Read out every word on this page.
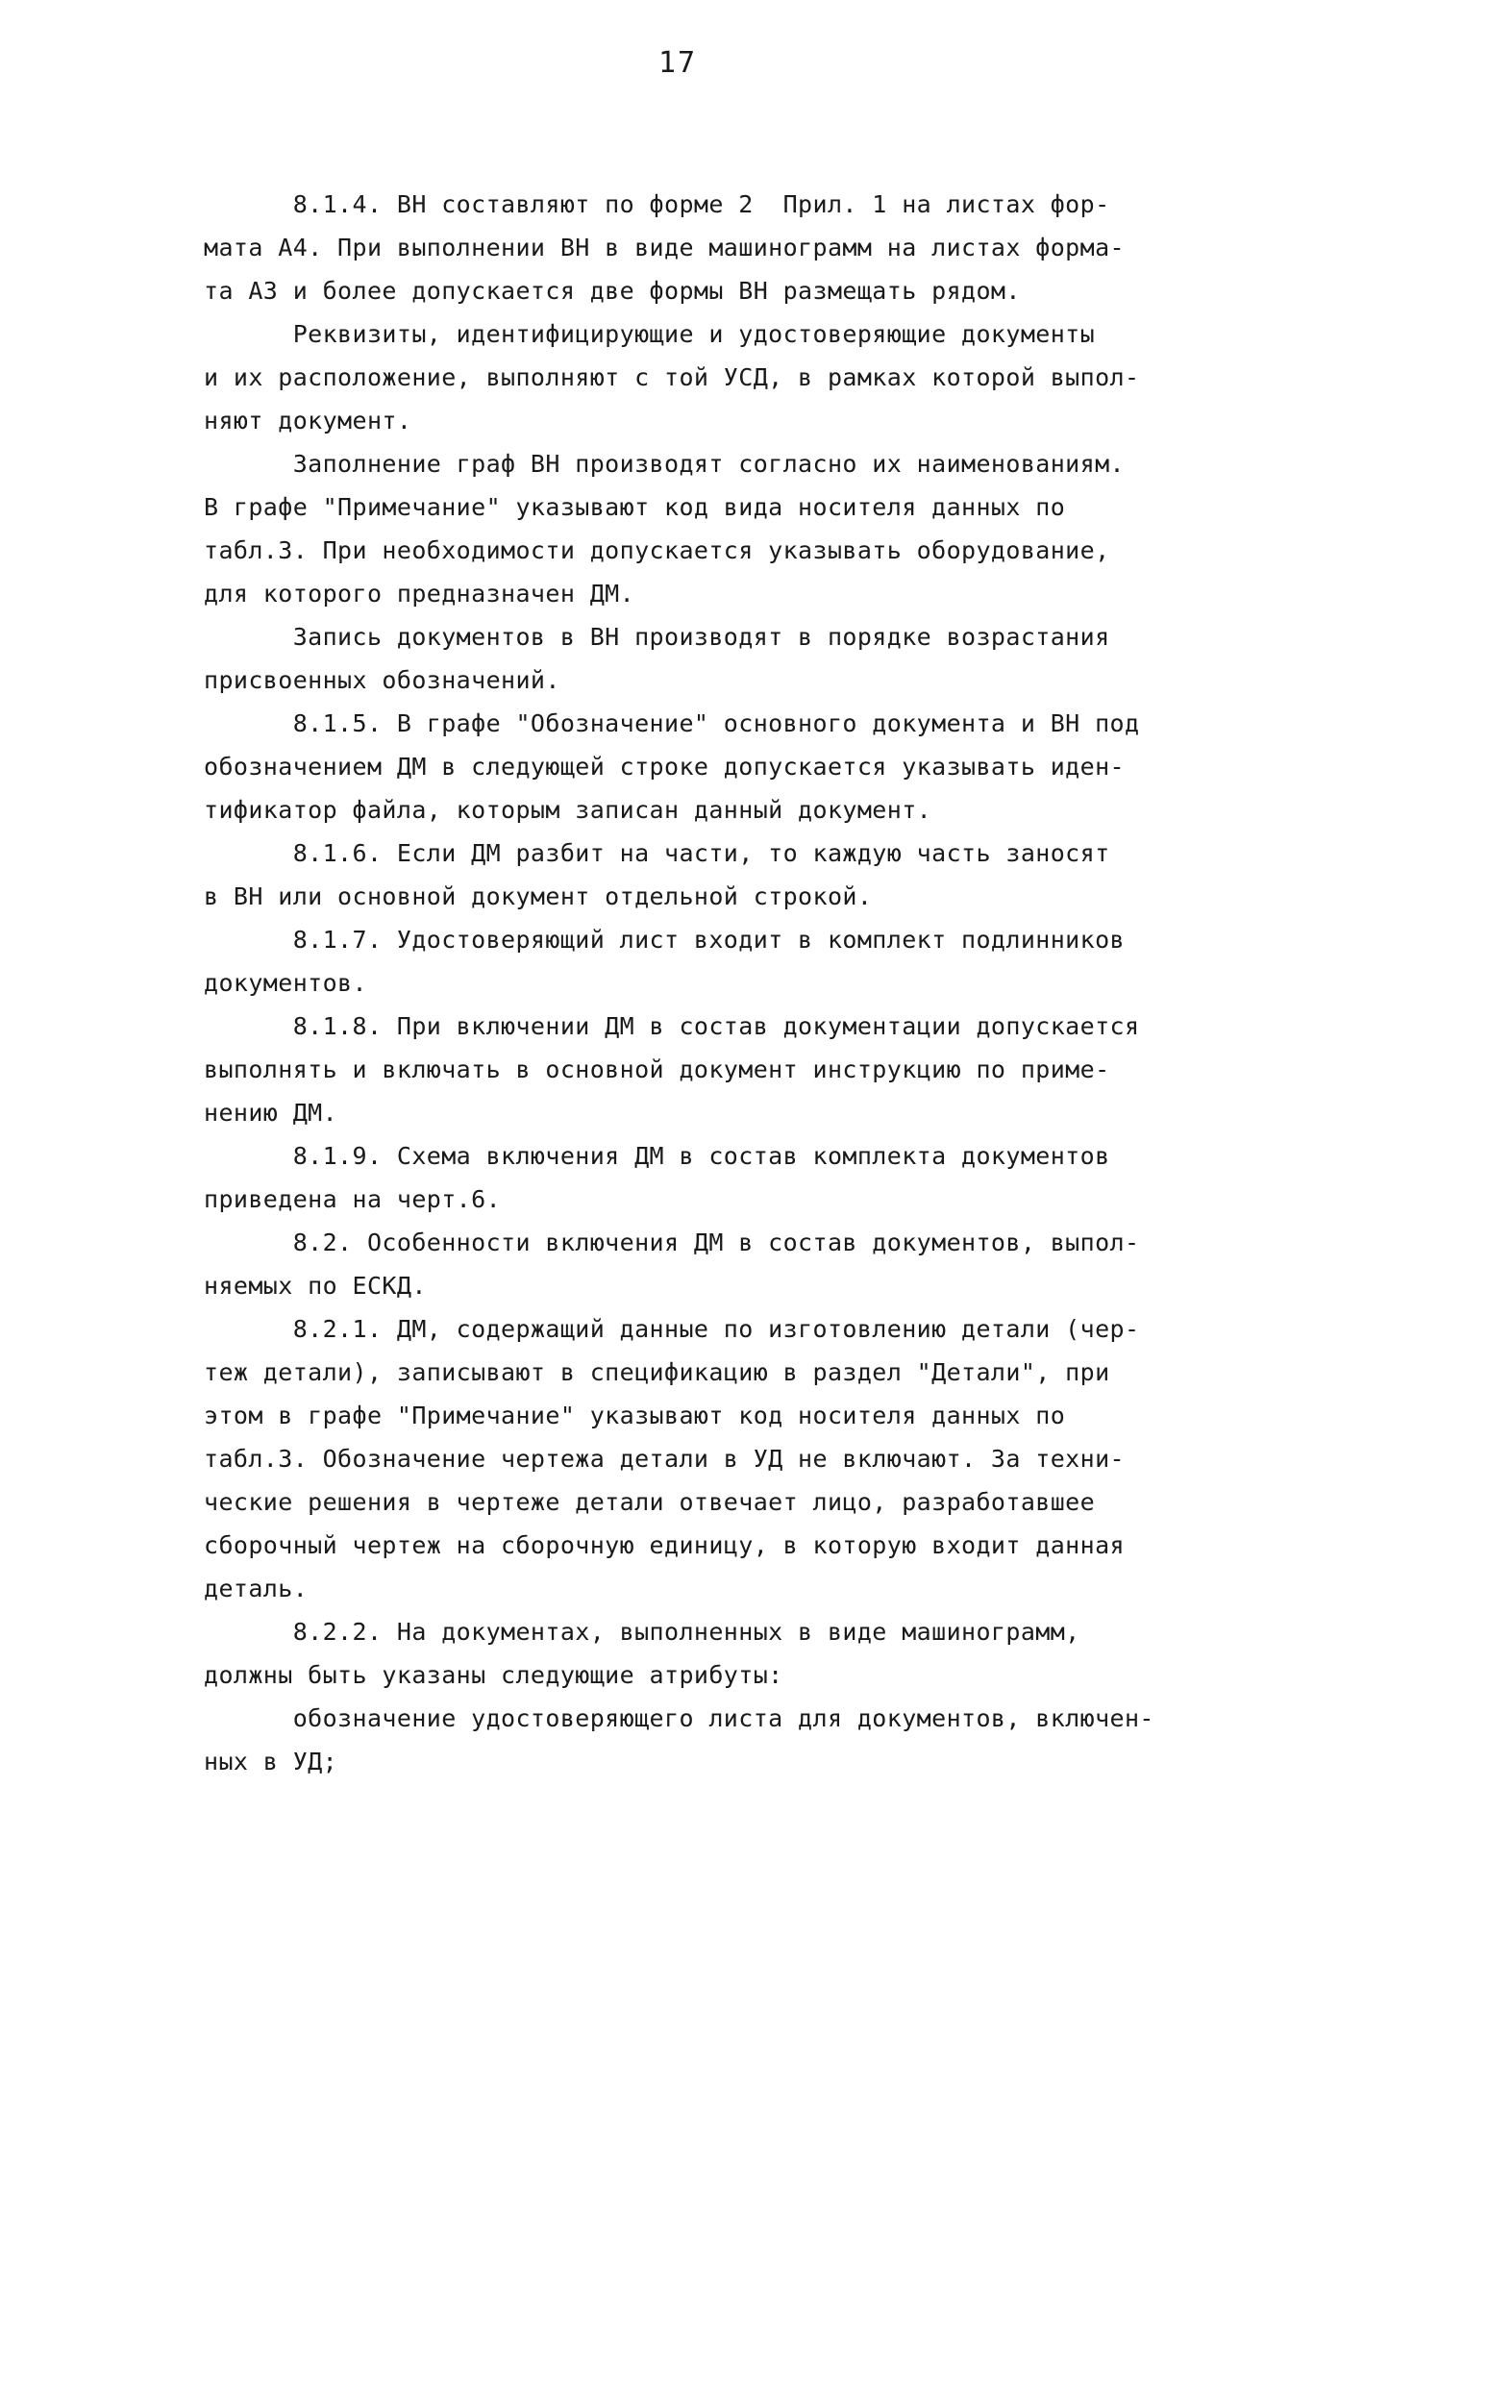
17
8.1.4. ВН составляют по форме 2  Прил. 1 на листах фор-
мата А4. При выполнении ВН в виде машинограмм на листах форма-
та А3 и более допускается две формы ВН размещать рядом.
Реквизиты, идентифицирующие и удостоверяющие документы
и их расположение, выполняют с той УСД, в рамках которой выпол-
няют документ.
Заполнение граф ВН производят согласно их наименованиям.
В графе "Примечание" указывают код вида носителя данных по
табл.3. При необходимости допускается указывать оборудование,
для которого предназначен ДМ.
Запись документов в ВН производят в порядке возрастания
присвоенных обозначений.
8.1.5. В графе "Обозначение" основного документа и ВН под
обозначением ДМ в следующей строке допускается указывать иден-
тификатор файла, которым записан данный документ.
8.1.6. Если ДМ разбит на части, то каждую часть заносят
в ВН или основной документ отдельной строкой.
8.1.7. Удостоверяющий лист входит в комплект подлинников
документов.
8.1.8. При включении ДМ в состав документации допускается
выполнять и включать в основной документ инструкцию по приме-
нению ДМ.
8.1.9. Схема включения ДМ в состав комплекта документов
приведена на черт.6.
8.2. Особенности включения ДМ в состав документов, выпол-
няемых по ЕСКД.
8.2.1. ДМ, содержащий данные по изготовлению детали (чер-
теж детали), записывают в спецификацию в раздел "Детали", при
этом в графе "Примечание" указывают код носителя данных по
табл.3. Обозначение чертежа детали в УД не включают. За техни-
ческие решения в чертеже детали отвечает лицо, разработавшее
сборочный чертеж на сборочную единицу, в которую входит данная
деталь.
8.2.2. На документах, выполненных в виде машинограмм,
должны быть указаны следующие атрибуты:
обозначение удостоверяющего листа для документов, включен-
ных в УД;
